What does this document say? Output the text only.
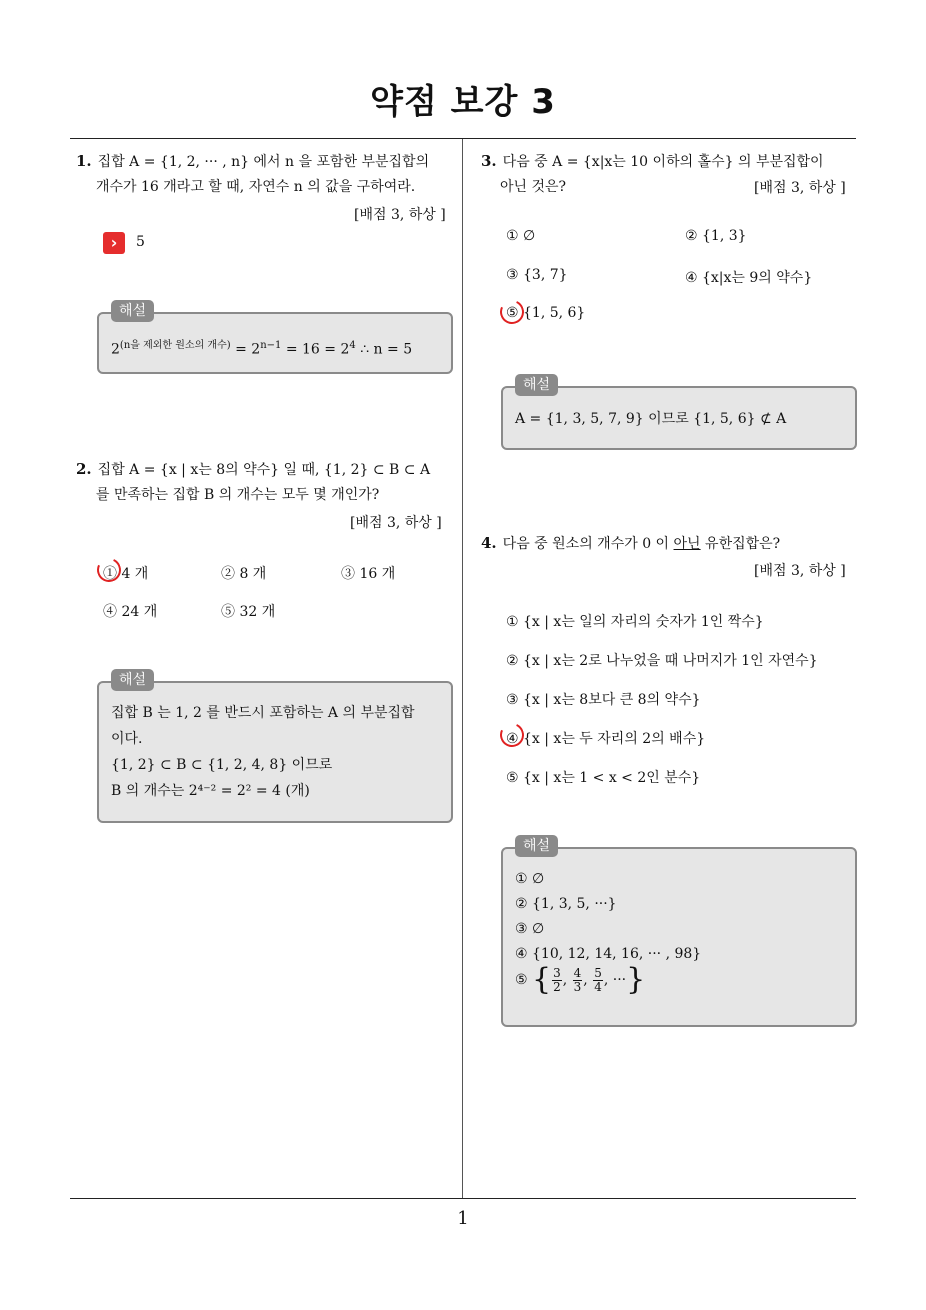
약점 보강 3
1
1. 집합 A = {1, 2, ··· , n} 에서 n 을 포함한 부분집합의
개수가 16 개라고 할 때, 자연수 n 의 값을 구하여라.
[배점 3, 하상 ]
›	5
해설
$2^{(n을 제외한 원소의 개수)} = 2^{n-1} = 16 = 2^4$ ∴ n = 5
2. 집합 A = {x | x는 8의 약수} 일 때, {1, 2} ⊂ B ⊂ A
를 만족하는 집합 B 의 개수는 모두 몇 개인가?
[배점 3, 하상 ]
① 4 개	② 8 개	③ 16 개
④ 24 개	⑤ 32 개
해설
집합 B 는 1, 2 를 반드시 포함하는 A 의 부분집합
이다.
{1, 2} ⊂ B ⊂ {1, 2, 4, 8} 이므로
B 의 개수는 2⁴⁻² = 2² = 4 (개)
3. 다음 중 A = {x|x는 10 이하의 홀수} 의 부분집합이
아닌 것은?	[배점 3, 하상 ]
① ∅	② {1, 3}
③ {3, 7}	④ {x|x는 9의 약수}
⑤ {1, 5, 6}
해설
A = {1, 3, 5, 7, 9} 이므로 {1, 5, 6} ⊄ A
4. 다음 중 원소의 개수가 0 이 아닌 유한집합은?
[배점 3, 하상 ]
① {x | x는 일의 자리의 숫자가 1인 짝수}
② {x | x는 2로 나누었을 때 나머지가 1인 자연수}
③ {x | x는 8보다 큰 8의 약수}
④ {x | x는 두 자리의 2의 배수}
⑤ {x | x는 1 < x < 2인 분수}
해설
① ∅
② {1, 3, 5, ···}
③ ∅
④ {10, 12, 14, 16, ··· , 98}
⑤ { $\frac{3}{2}$ , $\frac{4}{3}$ , $\frac{5}{4}$ , ···}
